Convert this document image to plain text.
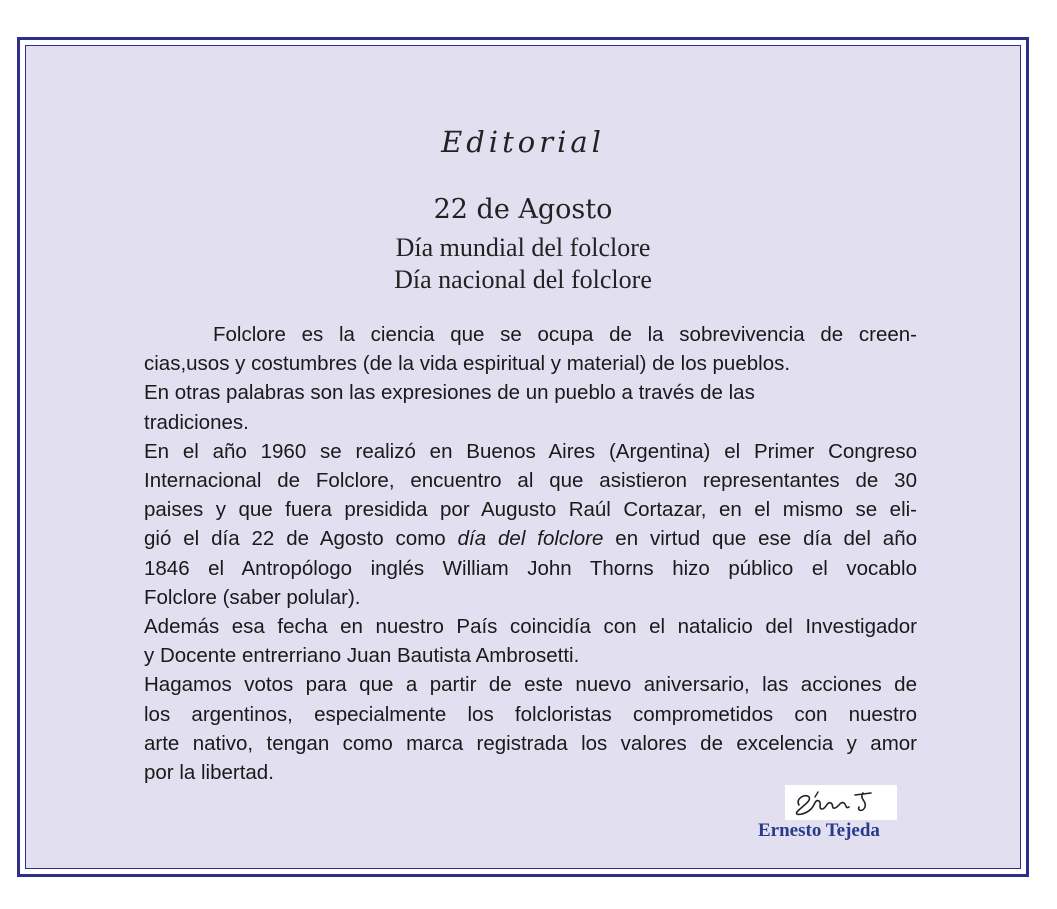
Editorial
22 de Agosto
Día mundial del folclore
Día nacional del folclore
Folclore es la ciencia que se ocupa de la sobrevivencia de creen-
cias,usos y costumbres (de la vida espiritual y material) de los pueblos.
En otras palabras son las expresiones de un pueblo a través de las
tradiciones.
En el año 1960 se realizó en Buenos Aires (Argentina) el Primer Congreso
Internacional de Folclore, encuentro al que asistieron representantes de 30
paises y que fuera presidida por Augusto Raúl Cortazar, en el mismo se eli-
gió el día 22 de Agosto como día del folclore en virtud que ese día del año
1846 el Antropólogo inglés William John Thorns hizo público el vocablo
Folclore (saber polular).
Además esa fecha en nuestro País coincidía con el natalicio del Investigador
y Docente entrerriano Juan Bautista Ambrosetti.
Hagamos votos para que a partir de este nuevo aniversario, las acciones de
los argentinos, especialmente los folcloristas comprometidos con nuestro
arte nativo, tengan como marca registrada los valores de excelencia y amor
por la libertad.
Ernesto Tejeda
